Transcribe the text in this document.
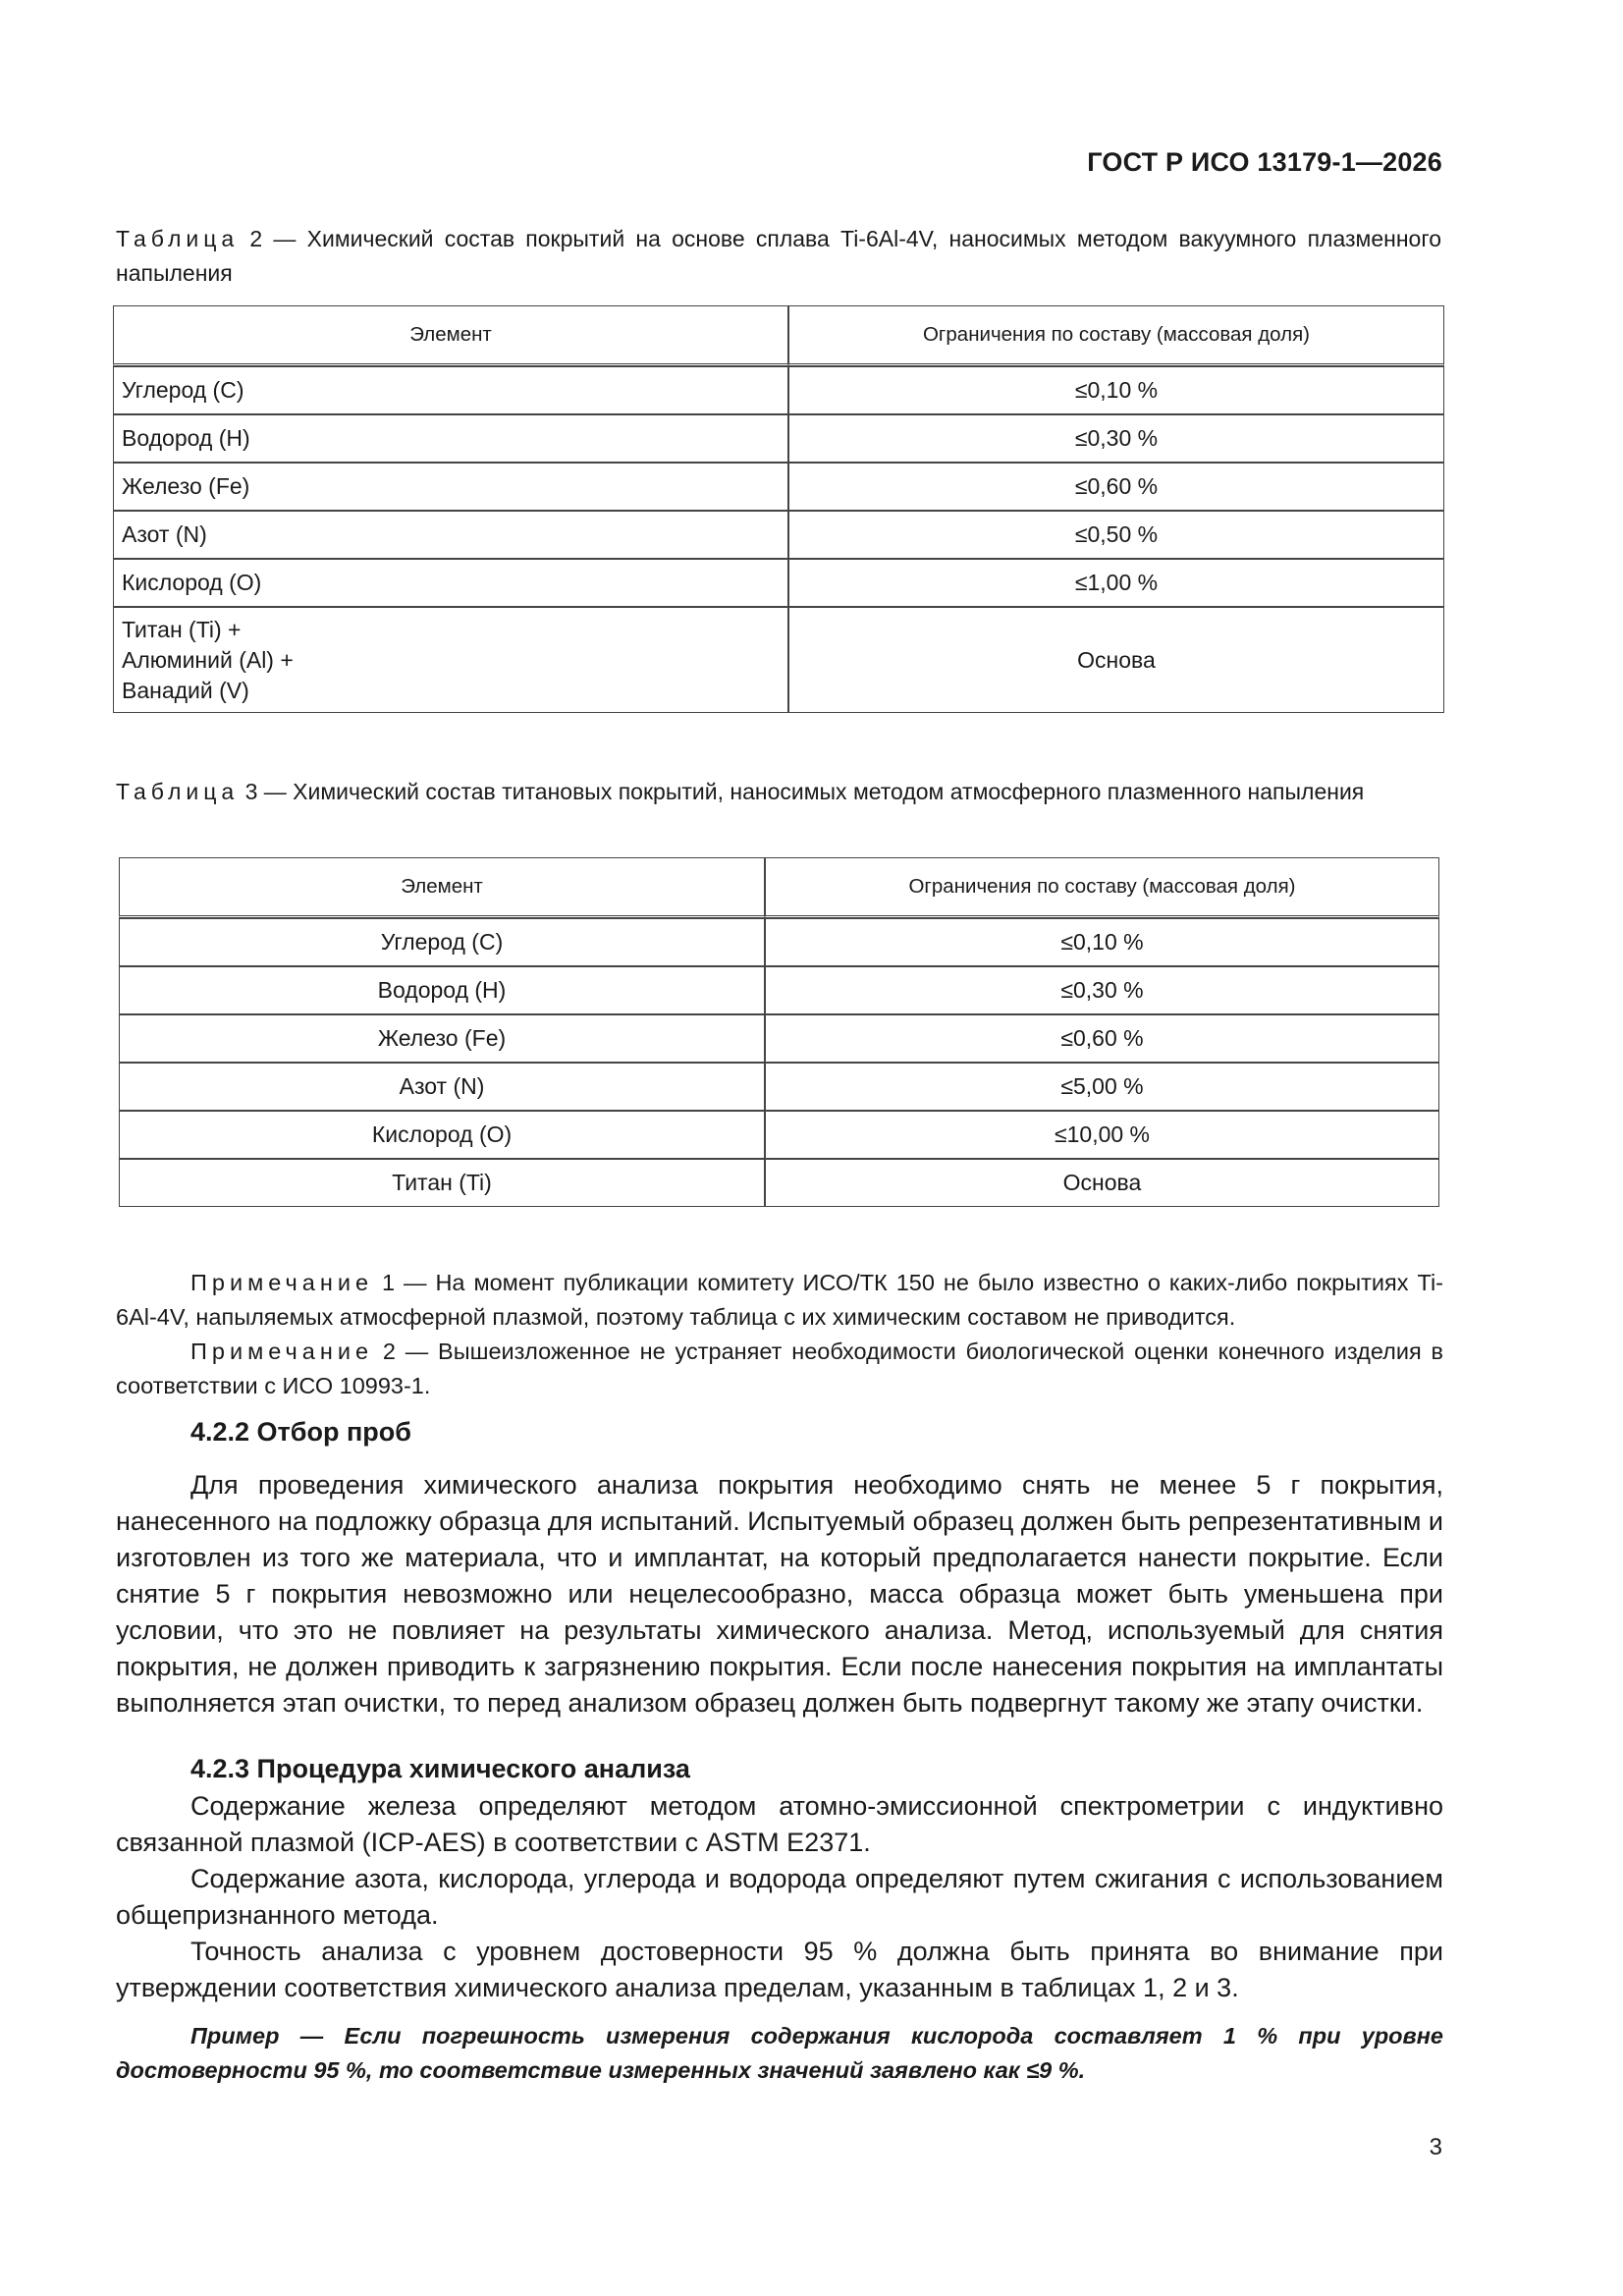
ГОСТ Р ИСО 13179-1—2026
Таблица 2 — Химический состав покрытий на основе сплава Ti-6Al-4V, наносимых методом вакуумного плазменного напыления
Элемент	Ограничения по составу (массовая доля)
Углерод (C)	≤0,10 %
Водород (H)	≤0,30 %
Железо (Fe)	≤0,60 %
Азот (N)	≤0,50 %
Кислород (O)	≤1,00 %
Титан (Ti) +
Алюминий (Al) +
Ванадий (V)	Основа
Таблица 3 — Химический состав титановых покрытий, наносимых методом атмосферного плазменного напыления
Элемент	Ограничения по составу (массовая доля)
Углерод (C)	≤0,10 %
Водород (H)	≤0,30 %
Железо (Fe)	≤0,60 %
Азот (N)	≤5,00 %
Кислород (O)	≤10,00 %
Титан (Ti)	Основа
Примечание 1 — На момент публикации комитету ИСО/ТК 150 не было известно о каких-либо покрытиях Ti-6Al-4V, напыляемых атмосферной плазмой, поэтому таблица с их химическим составом не приводится.
Примечание 2 — Вышеизложенное не устраняет необходимости биологической оценки конечного изделия в соответствии с ИСО 10993-1.
4.2.2 Отбор проб
Для проведения химического анализа покрытия необходимо снять не менее 5 г покрытия, нанесенного на подложку образца для испытаний. Испытуемый образец должен быть репрезентативным и изготовлен из того же материала, что и имплантат, на который предполагается нанести покрытие. Если снятие 5 г покрытия невозможно или нецелесообразно, масса образца может быть уменьшена при условии, что это не повлияет на результаты химического анализа. Метод, используемый для снятия покрытия, не должен приводить к загрязнению покрытия. Если после нанесения покрытия на имплантаты выполняется этап очистки, то перед анализом образец должен быть подвергнут такому же этапу очистки.
4.2.3 Процедура химического анализа
Содержание железа определяют методом атомно-эмиссионной спектрометрии с индуктивно связанной плазмой (ICP-AES) в соответствии с ASTM E2371.
Содержание азота, кислорода, углерода и водорода определяют путем сжигания с использованием общепризнанного метода.
Точность анализа с уровнем достоверности 95 % должна быть принята во внимание при утверждении соответствия химического анализа пределам, указанным в таблицах 1, 2 и 3.
Пример — Если погрешность измерения содержания кислорода составляет 1 % при уровне достоверности 95 %, то соответствие измеренных значений заявлено как ≤9 %.
3
